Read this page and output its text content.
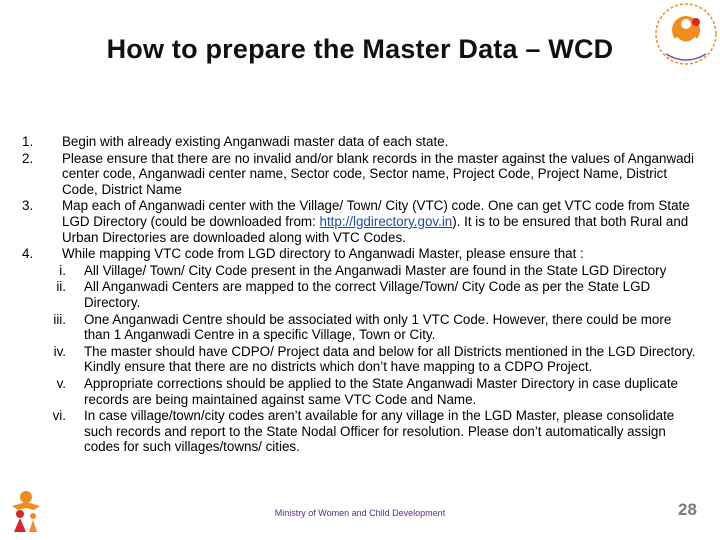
How to prepare the Master Data – WCD
1.	Begin with already existing Anganwadi master data of each state.
2.	Please ensure that there are no invalid and/or blank records in the master against the values of Anganwadi center code, Anganwadi center name, Sector code, Sector name, Project Code, Project Name, District Code, District Name
3.	Map each of Anganwadi center with the Village/ Town/ City (VTC) code. One can get VTC code from State LGD Directory (could be downloaded from: http://lgdirectory.gov.in). It is to be ensured that both Rural and Urban Directories are downloaded along with VTC Codes.
4.	While mapping VTC code from LGD directory to Anganwadi Master, please ensure that :
i. All Village/ Town/ City Code present in the Anganwadi Master are found in the State LGD Directory
ii. All Anganwadi Centers are mapped to the correct Village/Town/ City Code as per the State LGD Directory.
iii. One Anganwadi Centre should be associated with only 1 VTC Code. However, there could be more than 1 Anganwadi Centre in a specific Village, Town or City.
iv. The master should have CDPO/ Project data and below for all Districts mentioned in the LGD Directory. Kindly ensure that there are no districts which don’t have mapping to a CDPO Project.
v. Appropriate corrections should be applied to the State Anganwadi Master Directory in case duplicate records are being maintained against same VTC Code and Name.
vi. In case village/town/city codes aren’t available for any village in the LGD Master, please consolidate such records and report to the State Nodal Officer for resolution. Please don’t automatically assign codes for such villages/towns/ cities.
Ministry of Women and Child Development	28
